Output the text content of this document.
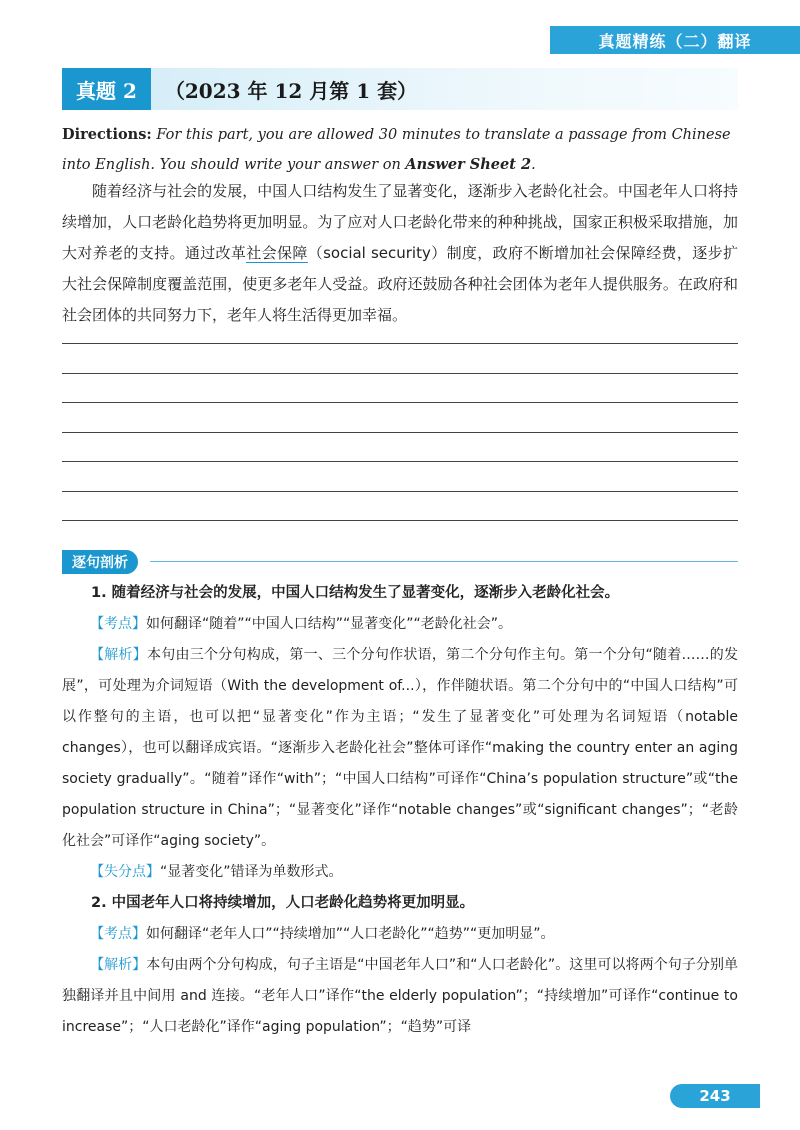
真题精练（二）翻译
真题 2	（2023 年 12 月第 1 套）
Directions: For this part, you are allowed 30 minutes to translate a passage from Chinese into English. You should write your answer on Answer Sheet 2.
随着经济与社会的发展，中国人口结构发生了显著变化，逐渐步入老龄化社会。中国老年人口将持续增加，人口老龄化趋势将更加明显。为了应对人口老龄化带来的种种挑战，国家正积极采取措施，加大对养老的支持。通过改革社会保障（social security）制度，政府不断增加社会保障经费，逐步扩大社会保障制度覆盖范围，使更多老年人受益。政府还鼓励各种社会团体为老年人提供服务。在政府和社会团体的共同努力下，老年人将生活得更加幸福。
逐句剖析

1. 随着经济与社会的发展，中国人口结构发生了显著变化，逐渐步入老龄化社会。

【考点】如何翻译“随着”“中国人口结构”“显著变化”“老龄化社会”。

【解析】本句由三个分句构成，第一、三个分句作状语，第二个分句作主句。第一个分句“随着……的发展”，可处理为介词短语（With the development of...），作伴随状语。第二个分句中的“中国人口结构”可以作整句的主语，也可以把“显著变化”作为主语；“发生了显著变化”可处理为名词短语（notable changes），也可以翻译成宾语。“逐渐步入老龄化社会”整体可译作“making the country enter an aging society gradually”。“随着”译作“with”；“中国人口结构”可译作“China’s population structure”或“the population structure in China”；“显著变化”译作“notable changes”或“significant changes”；“老龄化社会”可译作“aging society”。

【失分点】“显著变化”错译为单数形式。

2. 中国老年人口将持续增加，人口老龄化趋势将更加明显。

【考点】如何翻译“老年人口”“持续增加”“人口老龄化”“趋势”“更加明显”。

【解析】本句由两个分句构成，句子主语是“中国老年人口”和“人口老龄化”。这里可以将两个句子分别单独翻译并且中间用 and 连接。“老年人口”译作“the elderly population”；“持续增加”可译作“continue to increase”；“人口老龄化”译作“aging population”；“趋势”可译

243
